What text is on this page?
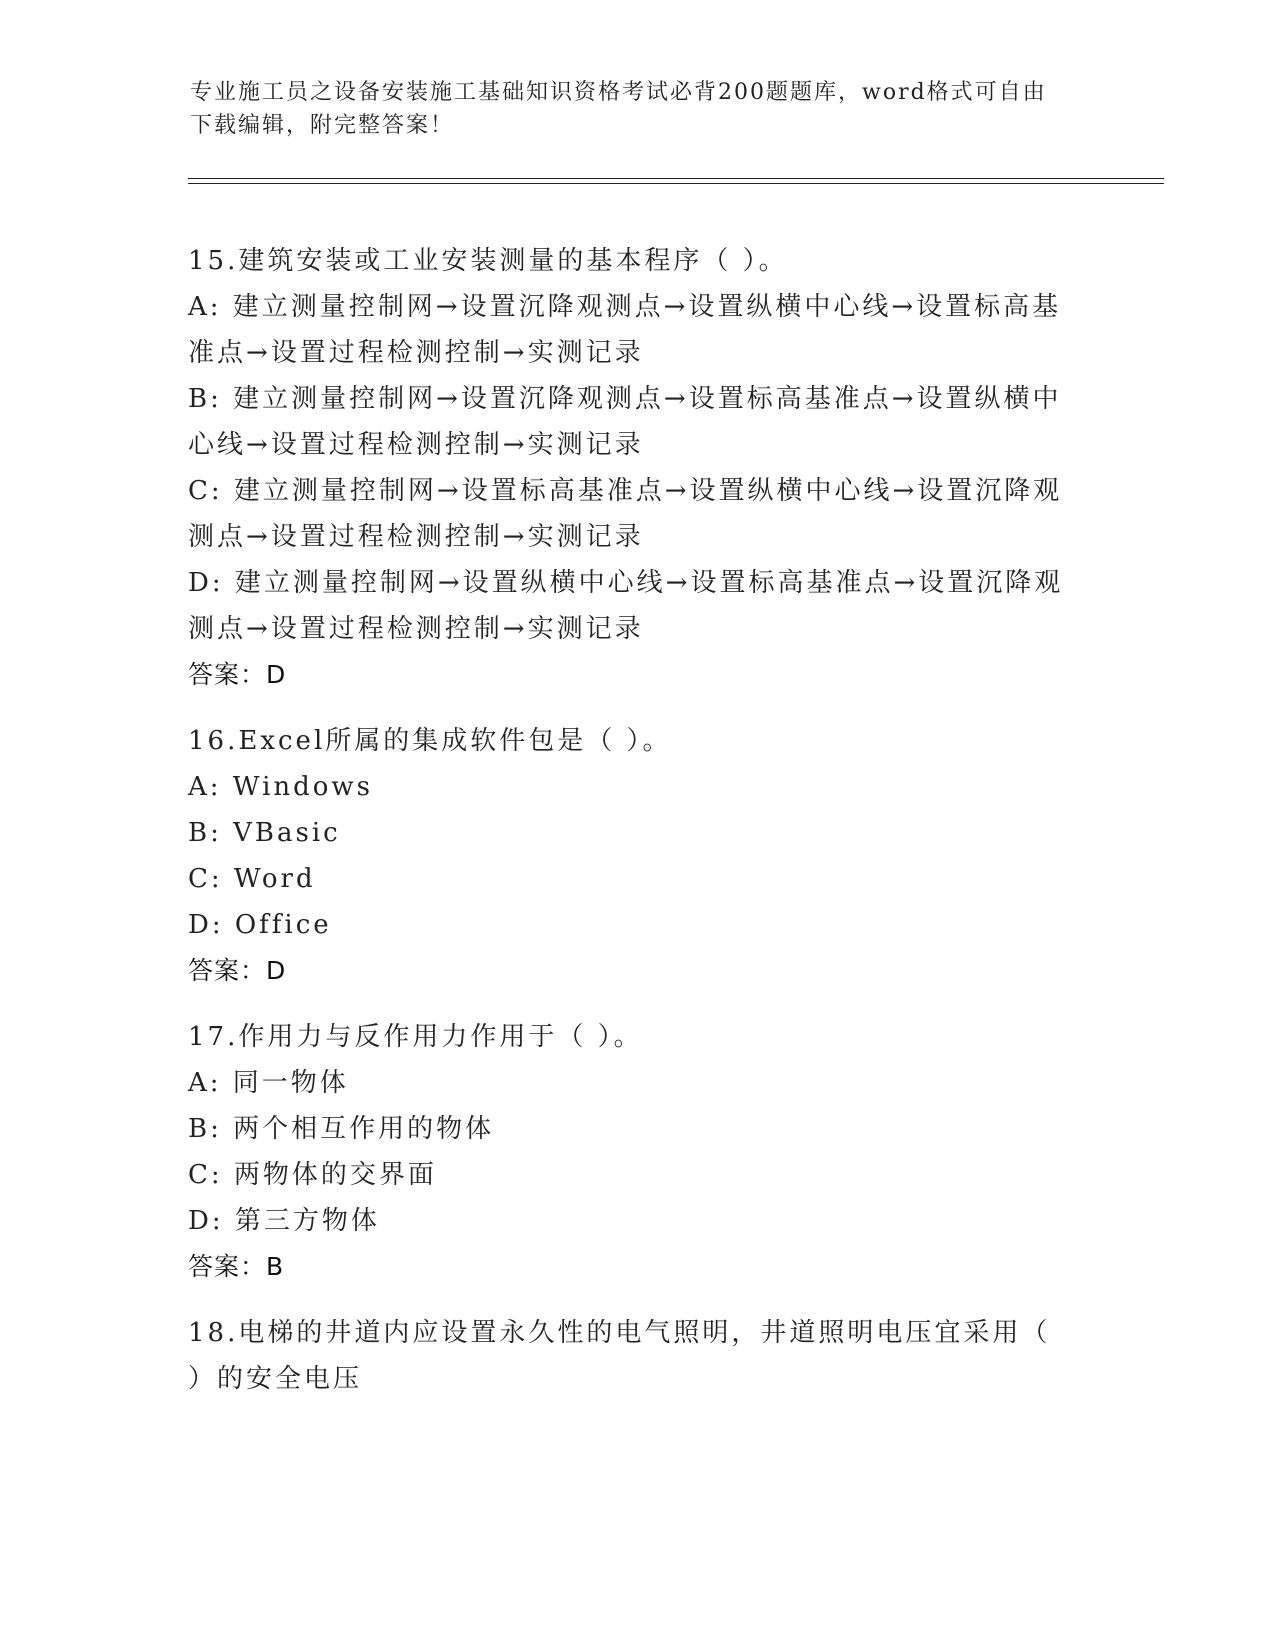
专业施工员之设备安装施工基础知识资格考试必背200题题库，word格式可自由
下载编辑，附完整答案！
15.建筑安装或工业安装测量的基本程序（ ）。
A: 建立测量控制网→设置沉降观测点→设置纵横中心线→设置标高基
准点→设置过程检测控制→实测记录
B: 建立测量控制网→设置沉降观测点→设置标高基准点→设置纵横中
心线→设置过程检测控制→实测记录
C: 建立测量控制网→设置标高基准点→设置纵横中心线→设置沉降观
测点→设置过程检测控制→实测记录
D: 建立测量控制网→设置纵横中心线→设置标高基准点→设置沉降观
测点→设置过程检测控制→实测记录
答案：D
16.Excel所属的集成软件包是（ ）。
A: Windows
B: VBasic
C: Word
D: Office
答案：D
17.作用力与反作用力作用于（ ）。
A: 同一物体
B: 两个相互作用的物体
C: 两物体的交界面
D: 第三方物体
答案：B
18.电梯的井道内应设置永久性的电气照明，井道照明电压宜采用（
）的安全电压
